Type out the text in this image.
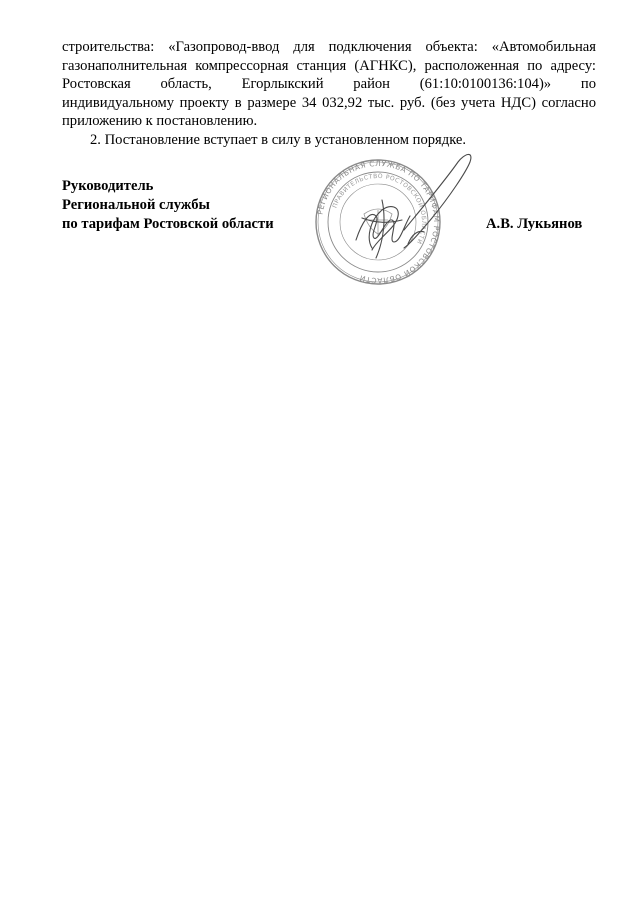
строительства: «Газопровод-ввод для подключения объекта: «Автомобильная
газонаполнительная компрессорная станция (АГНКС), расположенная по адресу:
Ростовская область, Егорлыкский район (61:10:0100136:104)» по
индивидуальному проекту в размере 34 032,92 тыс. руб. (без учета НДС) согласно
приложению к постановлению.
2. Постановление вступает в силу в установленном порядке.
Руководитель
Региональной службы
по тарифам Ростовской области
РЕГИОНАЛЬНАЯ СЛУЖБА ПО ТАРИФАМ РОСТОВСКОЙ ОБЛАСТИ
ПРАВИТЕЛЬСТВО РОСТОВСКОЙ ОБЛАСТИ
А.В. Лукьянов
